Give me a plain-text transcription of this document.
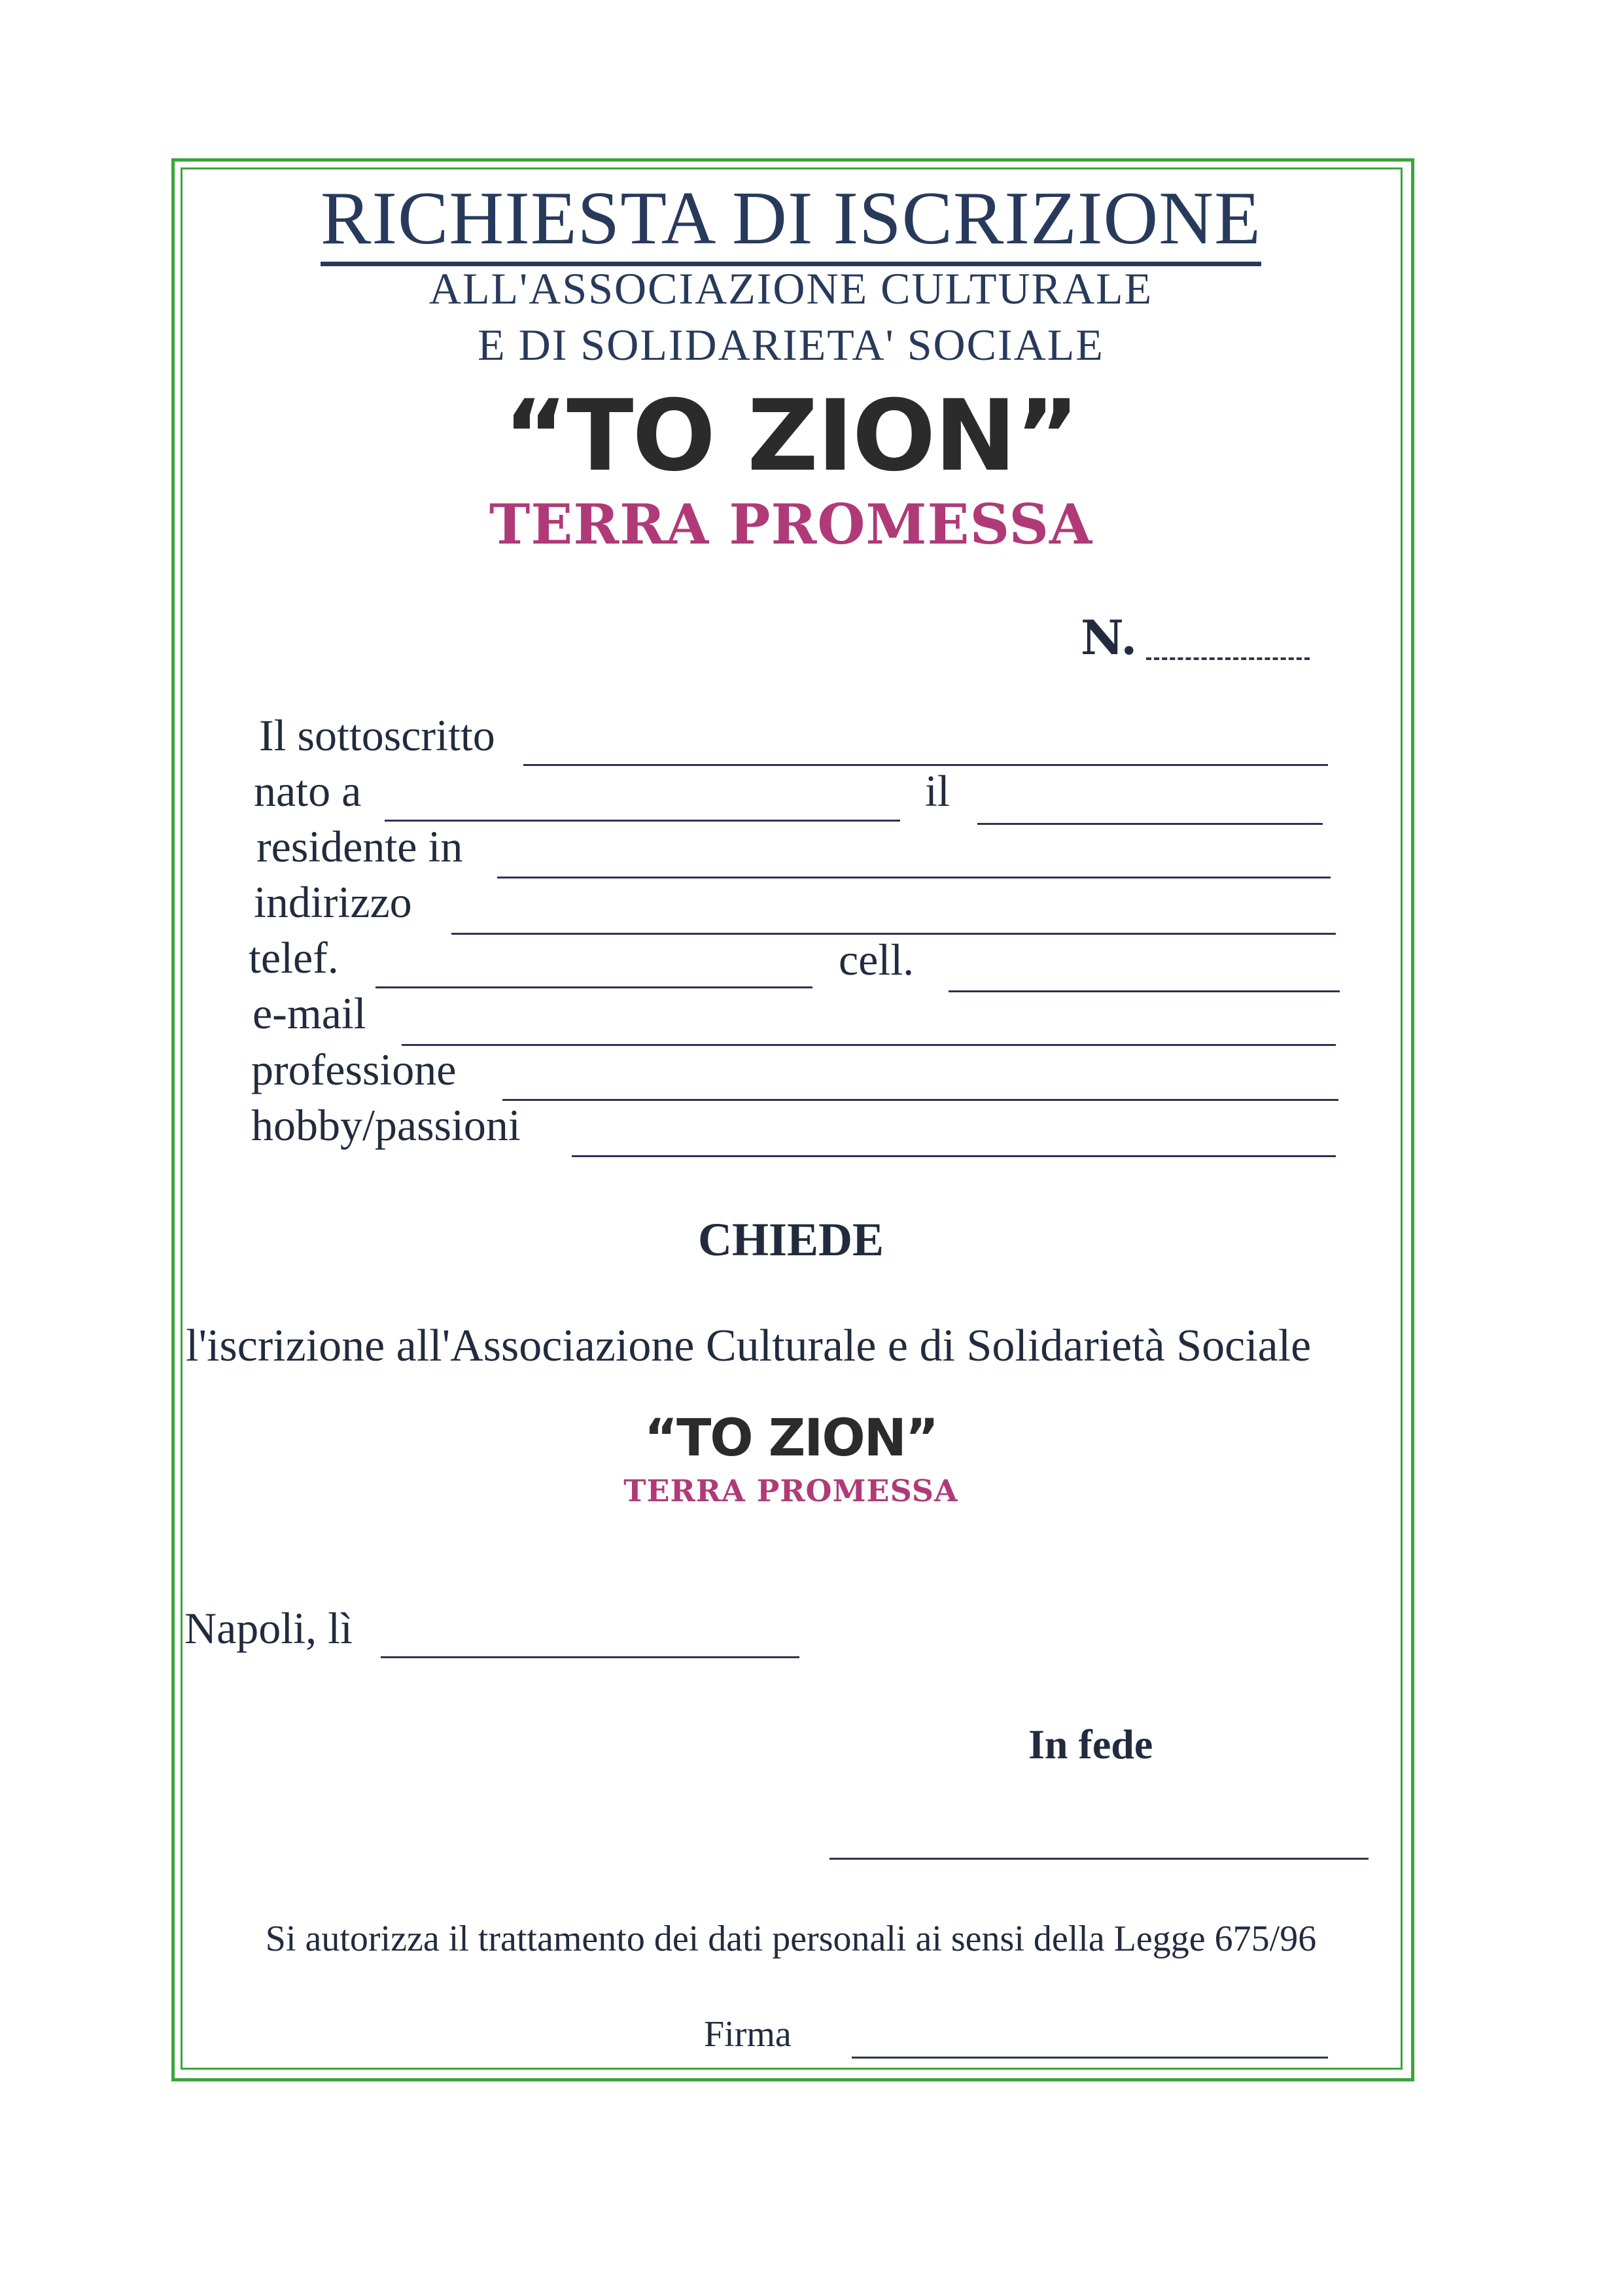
RICHIESTA DI ISCRIZIONE
ALL'ASSOCIAZIONE CULTURALE
E DI SOLIDARIETA' SOCIALE
“TO ZION”
TERRA PROMESSA
N.
Il sottoscritto
nato a	il
residente in
indirizzo
telef.	cell.
e-mail
professione
hobby/passioni
CHIEDE
l'iscrizione all'Associazione Culturale e di Solidarietà Sociale
“TO ZION”
TERRA PROMESSA
Napoli, lì
In fede
Si autorizza il trattamento dei dati personali ai sensi della Legge 675/96
Firma
